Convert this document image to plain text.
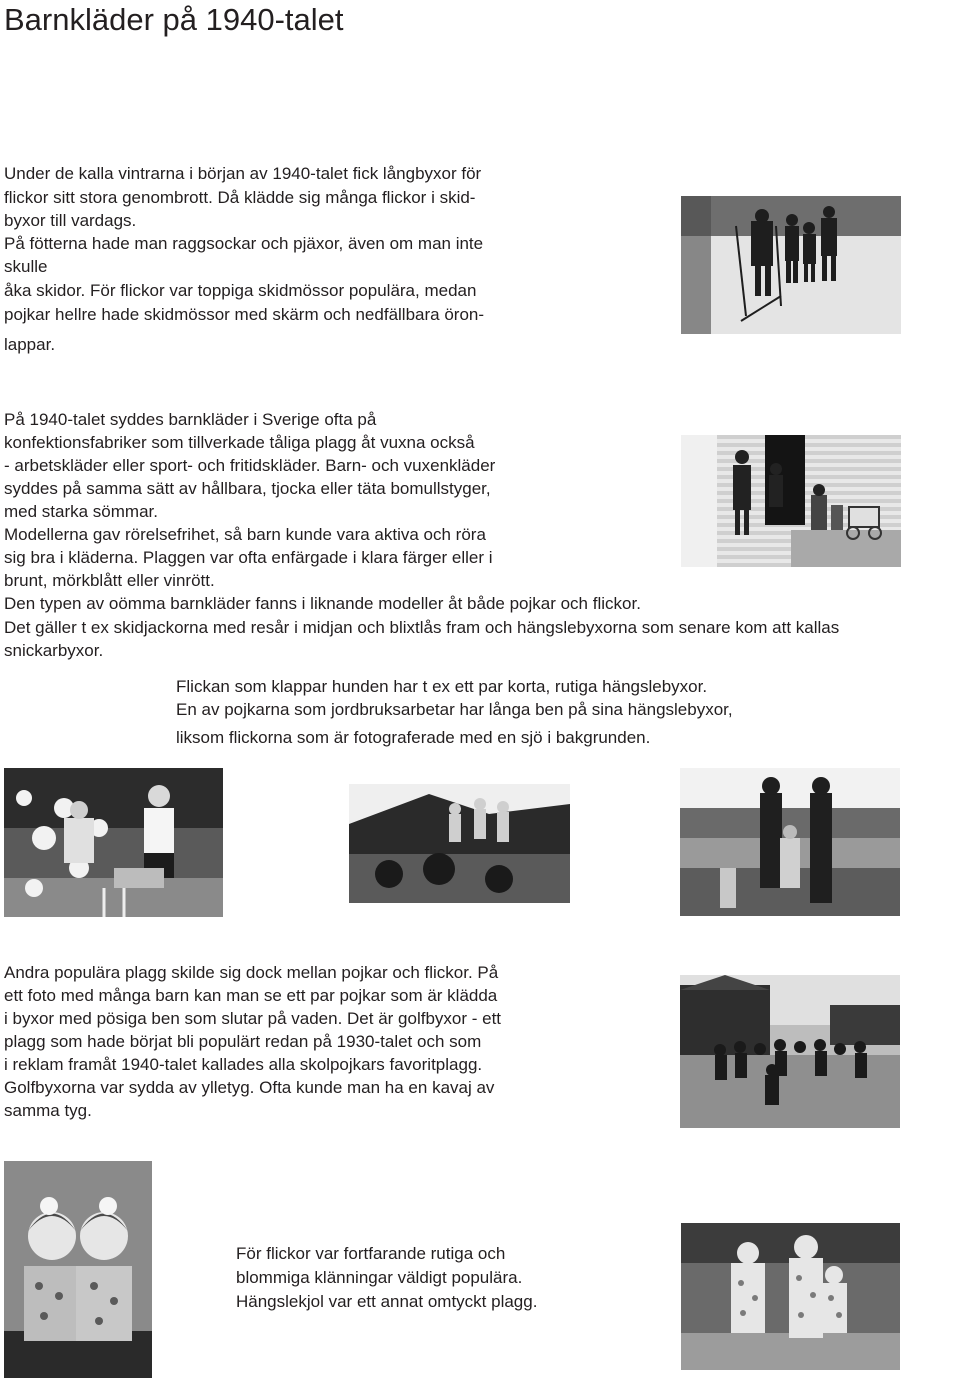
Barnkläder på 1940-talet
Under de kalla vintrarna i början av 1940-talet fick långbyxor för
flickor sitt stora genombrott. Då klädde sig många flickor i skid-
byxor till vardags.
På fötterna hade man raggsockar och pjäxor, även om man inte
skulle
åka skidor. För flickor var toppiga skidmössor populära, medan
pojkar hellre hade skidmössor med skärm och nedfällbara öron-
lappar.
På 1940-talet syddes barnkläder i Sverige ofta på
konfektionsfabriker som tillverkade tåliga plagg åt vuxna också
- arbetskläder eller sport- och fritidskläder. Barn- och vuxenkläder
syddes på samma sätt av hållbara, tjocka eller täta bomullstyger,
med starka sömmar.
Modellerna gav rörelsefrihet, så barn kunde vara aktiva och röra
sig bra i kläderna. Plaggen var ofta enfärgade i klara färger eller i
brunt, mörkblått eller vinrött.
Den typen av oömma barnkläder fanns i liknande modeller åt både pojkar och flickor.
Det gäller t ex skidjackorna med resår i midjan och blixtlås fram och hängslebyxorna som senare kom att kallas
snickarbyxor.
Flickan som klappar hunden har t ex ett par korta, rutiga hängslebyxor.
En av pojkarna som jordbruksarbetar har långa ben på sina hängslebyxor,
liksom flickorna som är fotograferade med en sjö i bakgrunden.
Andra populära plagg skilde sig dock mellan pojkar och flickor. På
ett foto med många barn kan man se ett par pojkar som är klädda
i byxor med pösiga ben som slutar på vaden. Det är golfbyxor - ett
plagg som hade börjat bli populärt redan på 1930-talet och som
i reklam framåt 1940-talet kallades alla skolpojkars favoritplagg.
Golfbyxorna var sydda av ylletyg. Ofta kunde man ha en kavaj av
samma tyg.
För flickor var fortfarande rutiga och
blommiga klänningar väldigt populära.
Hängslekjol var ett annat omtyckt plagg.
